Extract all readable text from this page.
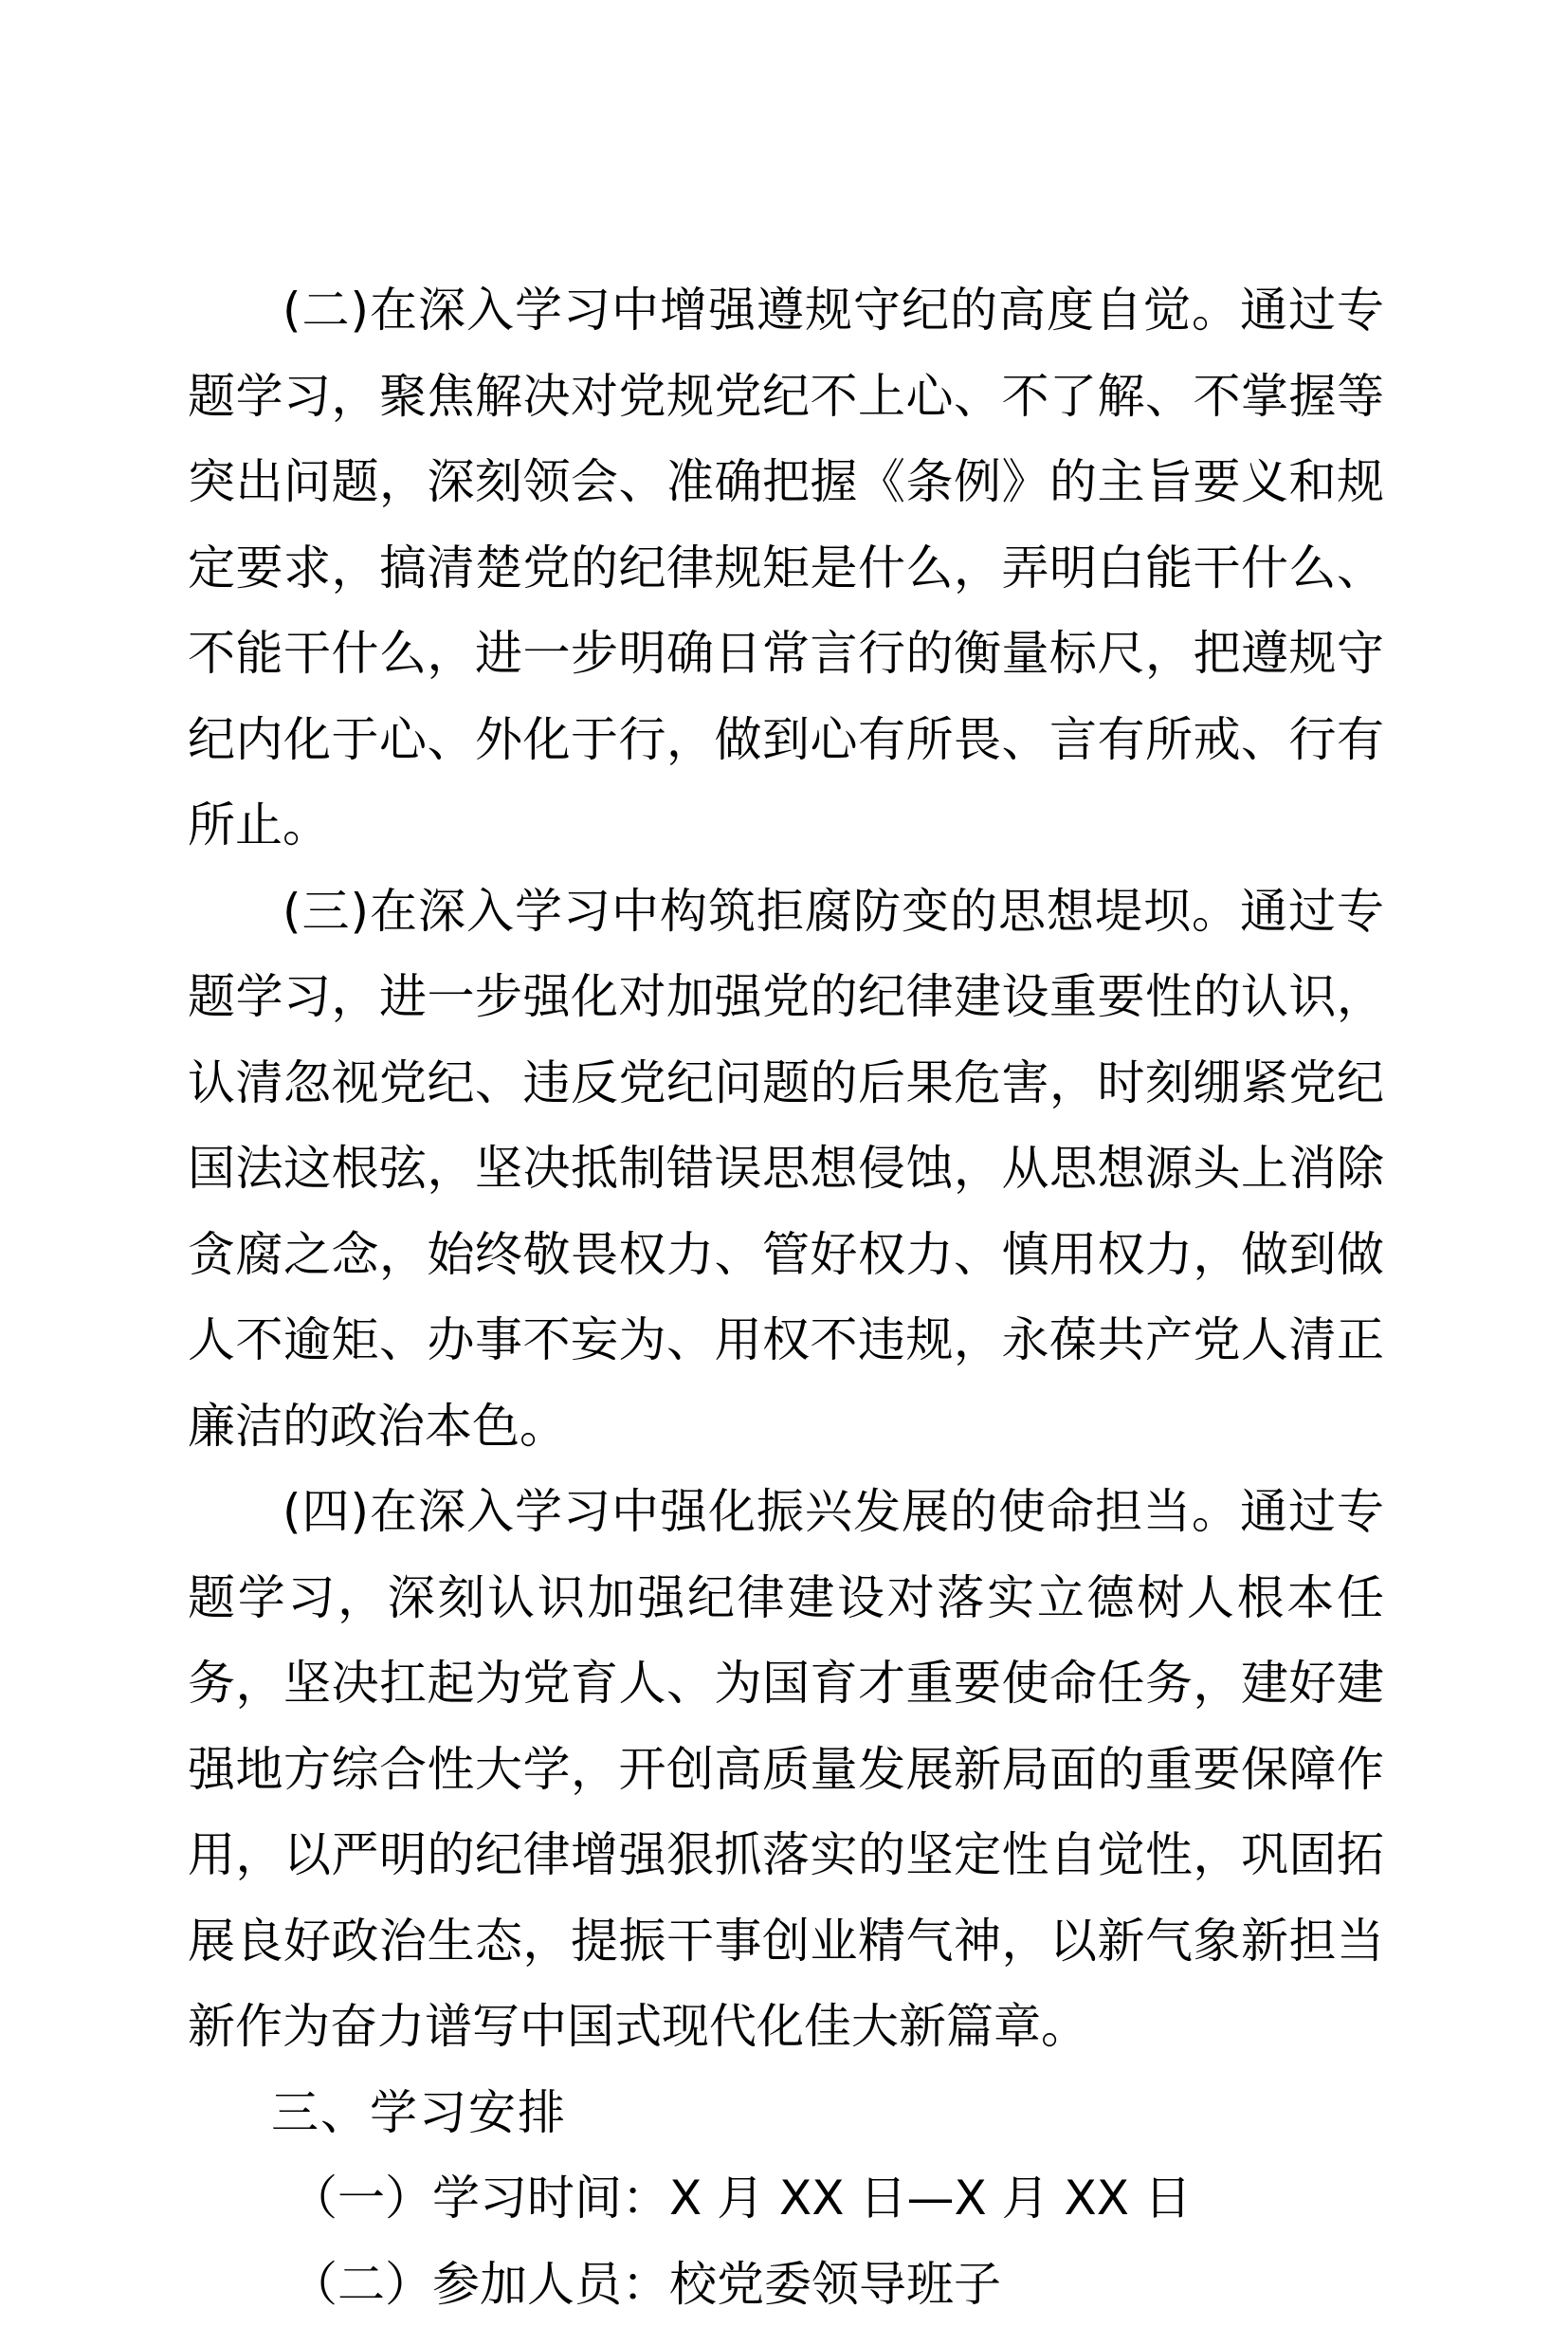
(二)在深入学习中增强遵规守纪的高度自觉。通过专题学习，聚焦解决对党规党纪不上心、不了解、不掌握等突出问题，深刻领会、准确把握《条例》的主旨要义和规定要求，搞清楚党的纪律规矩是什么，弄明白能干什么、不能干什么，进一步明确日常言行的衡量标尺，把遵规守纪内化于心、外化于行，做到心有所畏、言有所戒、行有所止。

(三)在深入学习中构筑拒腐防变的思想堤坝。通过专题学习，进一步强化对加强党的纪律建设重要性的认识，认清忽视党纪、违反党纪问题的后果危害，时刻绷紧党纪国法这根弦，坚决抵制错误思想侵蚀，从思想源头上消除贪腐之念，始终敬畏权力、管好权力、慎用权力，做到做人不逾矩、办事不妄为、用权不违规，永葆共产党人清正廉洁的政治本色。

(四)在深入学习中强化振兴发展的使命担当。通过专题学习，深刻认识加强纪律建设对落实立德树人根本任务，坚决扛起为党育人、为国育才重要使命任务，建好建强地方综合性大学，开创高质量发展新局面的重要保障作用，以严明的纪律增强狠抓落实的坚定性自觉性，巩固拓展良好政治生态，提振干事创业精气神，以新气象新担当新作为奋力谱写中国式现代化佳大新篇章。

三、学习安排

（一）学习时间：X 月 XX 日—X 月 XX 日

（二）参加人员：校党委领导班子
